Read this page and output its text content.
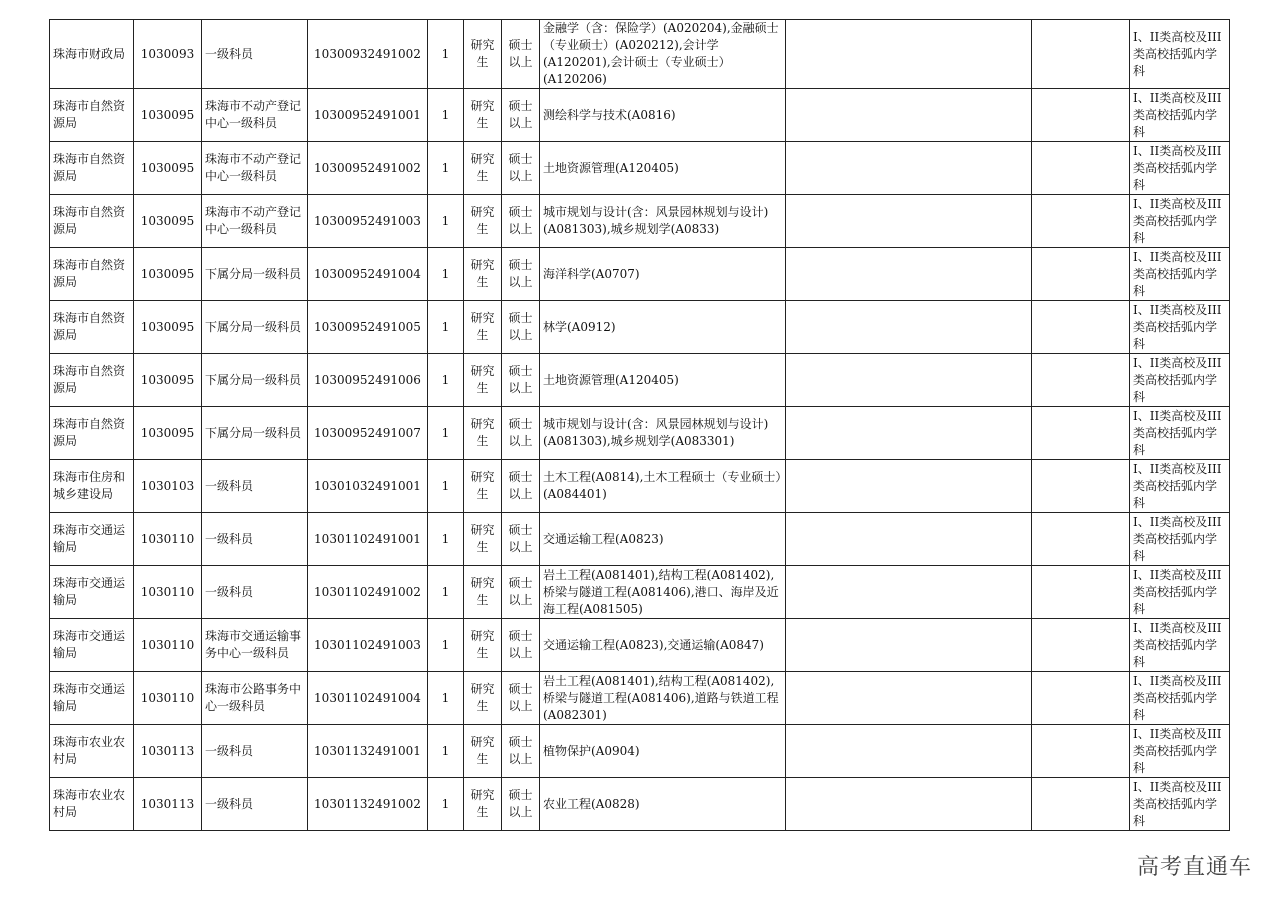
珠海市财政局	1030093	一级科员	10300932491002	1	研究生	硕士以上	金融学（含：保险学）(A020204),金融硕士（专业硕士）(A020212),会计学(A120201),会计硕士（专业硕士）(A120206)			I、II类高校及III类高校括弧内学科
珠海市自然资源局	1030095	珠海市不动产登记中心一级科员	10300952491001	1	研究生	硕士以上	测绘科学与技术(A0816)			I、II类高校及III类高校括弧内学科
珠海市自然资源局	1030095	珠海市不动产登记中心一级科员	10300952491002	1	研究生	硕士以上	土地资源管理(A120405)			I、II类高校及III类高校括弧内学科
珠海市自然资源局	1030095	珠海市不动产登记中心一级科员	10300952491003	1	研究生	硕士以上	城市规划与设计(含：风景园林规划与设计)(A081303),城乡规划学(A0833)			I、II类高校及III类高校括弧内学科
珠海市自然资源局	1030095	下属分局一级科员	10300952491004	1	研究生	硕士以上	海洋科学(A0707)			I、II类高校及III类高校括弧内学科
珠海市自然资源局	1030095	下属分局一级科员	10300952491005	1	研究生	硕士以上	林学(A0912)			I、II类高校及III类高校括弧内学科
珠海市自然资源局	1030095	下属分局一级科员	10300952491006	1	研究生	硕士以上	土地资源管理(A120405)			I、II类高校及III类高校括弧内学科
珠海市自然资源局	1030095	下属分局一级科员	10300952491007	1	研究生	硕士以上	城市规划与设计(含：风景园林规划与设计)(A081303),城乡规划学(A083301)			I、II类高校及III类高校括弧内学科
珠海市住房和城乡建设局	1030103	一级科员	10301032491001	1	研究生	硕士以上	土木工程(A0814),土木工程硕士（专业硕士）(A084401)			I、II类高校及III类高校括弧内学科
珠海市交通运输局	1030110	一级科员	10301102491001	1	研究生	硕士以上	交通运输工程(A0823)			I、II类高校及III类高校括弧内学科
珠海市交通运输局	1030110	一级科员	10301102491002	1	研究生	硕士以上	岩土工程(A081401),结构工程(A081402),桥梁与隧道工程(A081406),港口、海岸及近海工程(A081505)			I、II类高校及III类高校括弧内学科
珠海市交通运输局	1030110	珠海市交通运输事务中心一级科员	10301102491003	1	研究生	硕士以上	交通运输工程(A0823),交通运输(A0847)			I、II类高校及III类高校括弧内学科
珠海市交通运输局	1030110	珠海市公路事务中心一级科员	10301102491004	1	研究生	硕士以上	岩土工程(A081401),结构工程(A081402),桥梁与隧道工程(A081406),道路与铁道工程(A082301)			I、II类高校及III类高校括弧内学科
珠海市农业农村局	1030113	一级科员	10301132491001	1	研究生	硕士以上	植物保护(A0904)			I、II类高校及III类高校括弧内学科
珠海市农业农村局	1030113	一级科员	10301132491002	1	研究生	硕士以上	农业工程(A0828)			I、II类高校及III类高校括弧内学科
高考直通车
